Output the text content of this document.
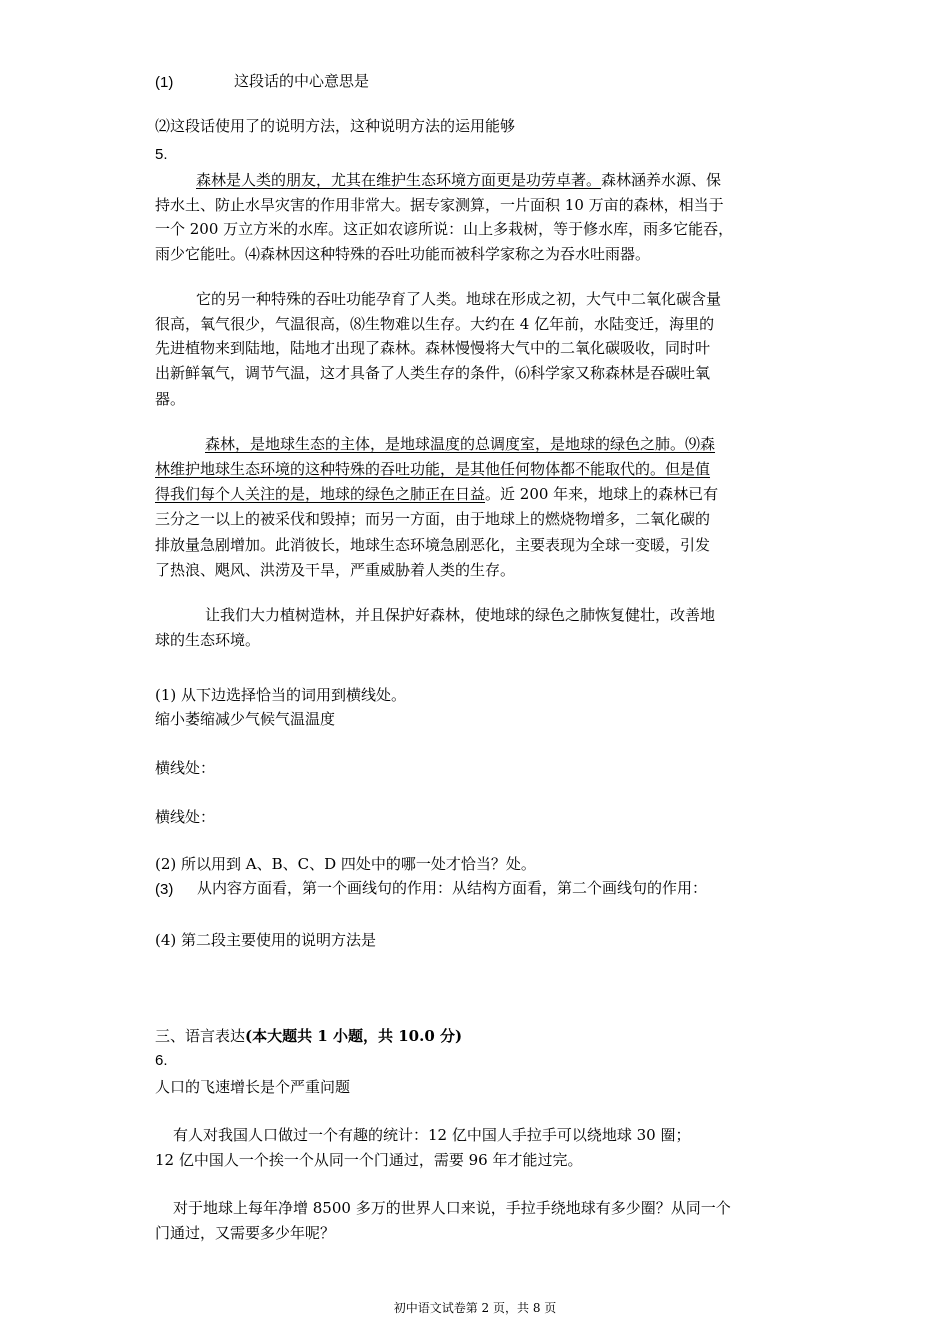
(1)	这段话的中心意思是
⑵这段话使用了的说明方法，这种说明方法的运用能够
5.
森林是人类的朋友，尤其在维护生态环境方面更是功劳卓著。森林涵养水源、保
持水土、防止水旱灾害的作用非常大。据专家测算，一片面积 10 万亩的森林，相当于
一个 200 万立方米的水库。这正如农谚所说：山上多栽树，等于修水库，雨多它能吞，
雨少它能吐。⑷森林因这种特殊的吞吐功能而被科学家称之为吞水吐雨器。
它的另一种特殊的吞吐功能孕育了人类。地球在形成之初，大气中二氧化碳含量
很高，氧气很少，气温很高，⑻生物难以生存。大约在 4 亿年前，水陆变迁，海里的
先进植物来到陆地，陆地才出现了森林。森林慢慢将大气中的二氧化碳吸收，同时叶
出新鲜氧气，调节气温，这才具备了人类生存的条件，⑹科学家又称森林是吞碳吐氧
器。
森林，是地球生态的主体，是地球温度的总调度室，是地球的绿色之肺。⑼森
林维护地球生态环境的这种特殊的吞吐功能，是其他任何物体都不能取代的。但是值
得我们每个人关注的是，地球的绿色之肺正在日益。近 200 年来，地球上的森林已有
三分之一以上的被采伐和毁掉；而另一方面，由于地球上的燃烧物增多，二氧化碳的
排放量急剧增加。此消彼长，地球生态环境急剧恶化，主要表现为全球一变暖，引发
了热浪、飓风、洪涝及干旱，严重威胁着人类的生存。
让我们大力植树造林，并且保护好森林，使地球的绿色之肺恢复健壮，改善地
球的生态环境。
(1) 从下边选择恰当的词用到横线处。
缩小萎缩减少气候气温温度
横线处：
横线处：
(2) 所以用到 A、B、C、D 四处中的哪一处才恰当？处。
(3) 从内容方面看，第一个画线句的作用：从结构方面看，第二个画线句的作用：
(4) 第二段主要使用的说明方法是
三、语言表达(本大题共 1 小题，共 10.0 分)
6.
人口的飞速增长是个严重问题
有人对我国人口做过一个有趣的统计：12 亿中国人手拉手可以绕地球 30 圈；
12 亿中国人一个挨一个从同一个门通过，需要 96 年才能过完。
对于地球上每年净增 8500 多万的世界人口来说，手拉手绕地球有多少圈？从同一个
门通过，又需要多少年呢？
初中语文试卷第 2 页，共 8 页
